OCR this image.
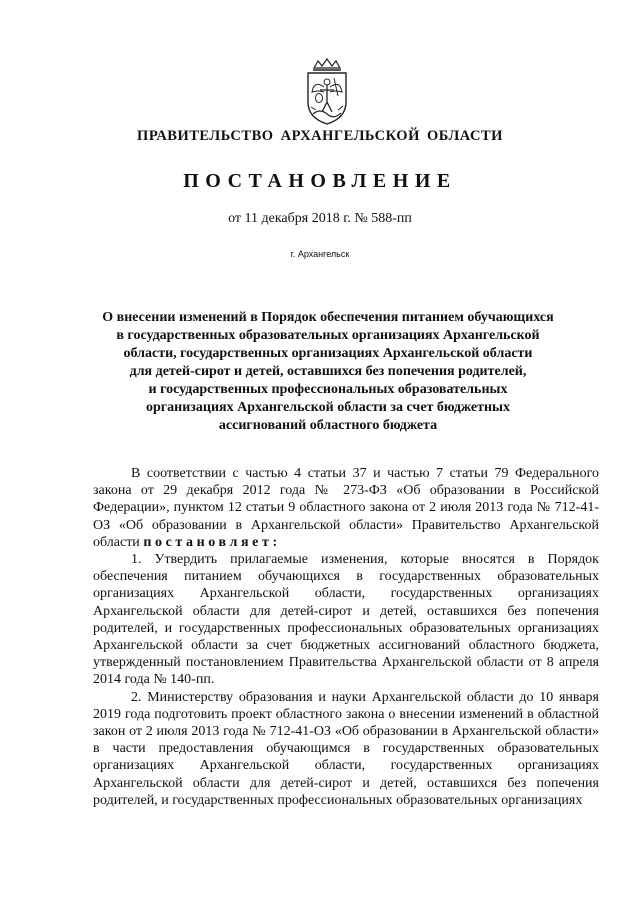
ПРАВИТЕЛЬСТВО АРХАНГЕЛЬСКОЙ ОБЛАСТИ
ПОСТАНОВЛЕНИЕ
от 11 декабря 2018 г. № 588-пп
г. Архангельск
О внесении изменений в Порядок обеспечения питанием обучающихся
в государственных образовательных организациях Архангельской
области, государственных организациях Архангельской области
для детей-сирот и детей, оставшихся без попечения родителей,
и государственных профессиональных образовательных
организациях Архангельской области за счет бюджетных
ассигнований областного бюджета

В соответствии с частью 4 статьи 37 и частью 7 статьи 79 Федерального закона от 29 декабря 2012 года № 273-ФЗ «Об образовании в Российской Федерации», пунктом 12 статьи 9 областного закона от 2 июля 2013 года № 712-41-ОЗ «Об образовании в Архангельской области» Правительство Архангельской области постановляет:

1. Утвердить прилагаемые изменения, которые вносятся в Порядок обеспечения питанием обучающихся в государственных образовательных организациях Архангельской области, государственных организациях Архангельской области для детей-сирот и детей, оставшихся без попечения родителей, и государственных профессиональных образовательных организациях Архангельской области за счет бюджетных ассигнований областного бюджета, утвержденный постановлением Правительства Архангельской области от 8 апреля 2014 года № 140-пп.

2. Министерству образования и науки Архангельской области до 10 января 2019 года подготовить проект областного закона о внесении изменений в областной закон от 2 июля 2013 года № 712-41-ОЗ «Об образовании в Архангельской области» в части предоставления обучающимся в государственных образовательных организациях Архангельской области, государственных организациях Архангельской области для детей-сирот и детей, оставшихся без попечения родителей, и государственных профессиональных образовательных организациях
